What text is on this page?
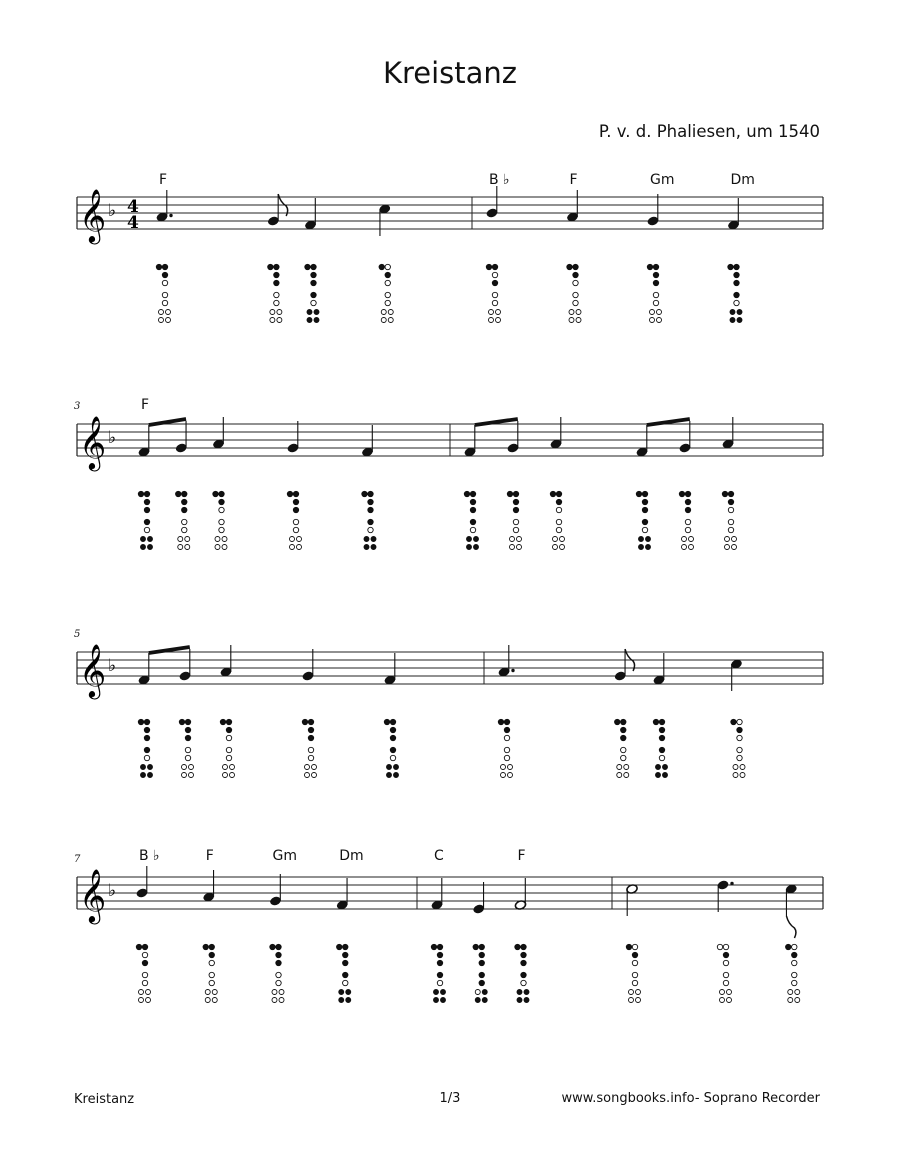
Kreistanz
P. v. d. Phaliesen, um 1540
𝄞 ♭ 4
4
F	B ♭	F	Gm	Dm
𝄞 ♭
3	F
𝄞 ♭
5
𝄞 ♭
7	B ♭	F	Gm	Dm	C	F
Kreistanz	1/3	www.songbooks.info- Soprano Recorder
